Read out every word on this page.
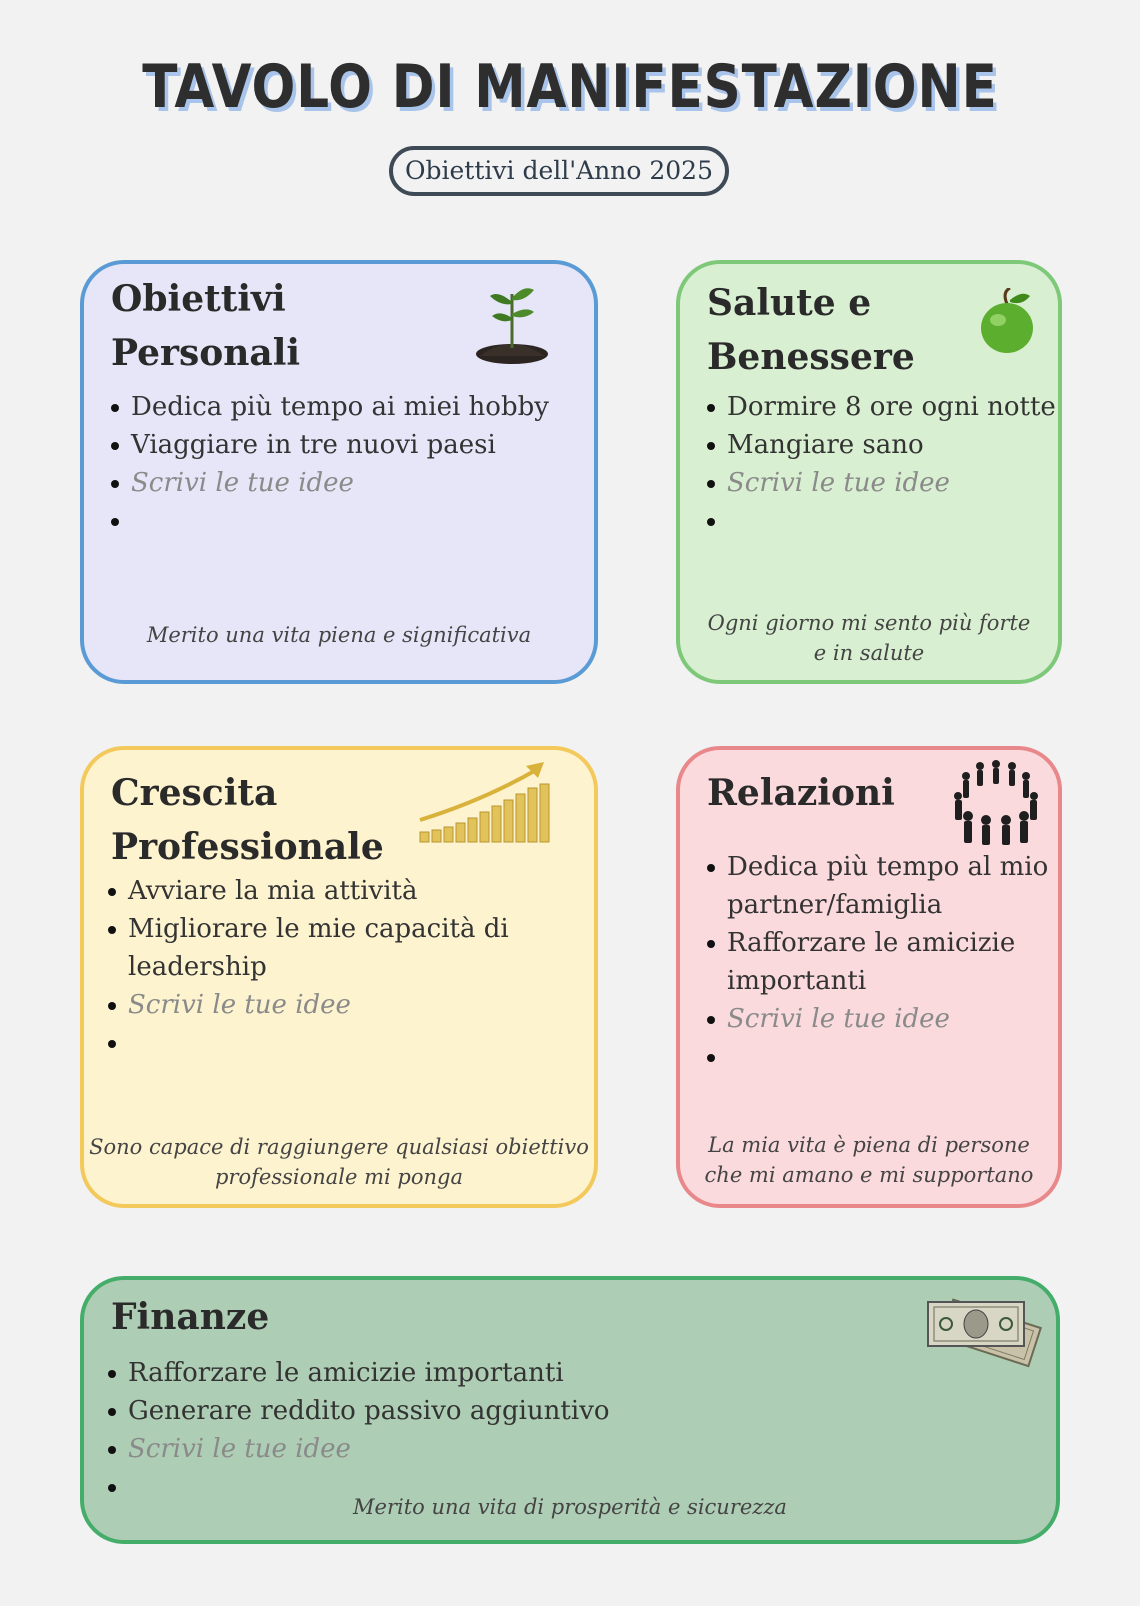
TAVOLO DI MANIFESTAZIONE
Obiettivi dell'Anno 2025
Obiettivi
Personali
Dedica più tempo ai miei hobby
Viaggiare in tre nuovi paesi
Scrivi le tue idee
Merito una vita piena e significativa
Salute e
Benessere
Dormire 8 ore ogni notte
Mangiare sano
Scrivi le tue idee
Ogni giorno mi sento più forte
e in salute
Crescita
Professionale
Avviare la mia attività
Migliorare le mie capacità di
leadership
Scrivi le tue idee
Sono capace di raggiungere qualsiasi obiettivo
professionale mi ponga
Relazioni
Dedica più tempo al mio
partner/famiglia
Rafforzare le amicizie
importanti
Scrivi le tue idee
La mia vita è piena di persone
che mi amano e mi supportano
Finanze
Rafforzare le amicizie importanti
Generare reddito passivo aggiuntivo
Scrivi le tue idee
Merito una vita di prosperità e sicurezza
